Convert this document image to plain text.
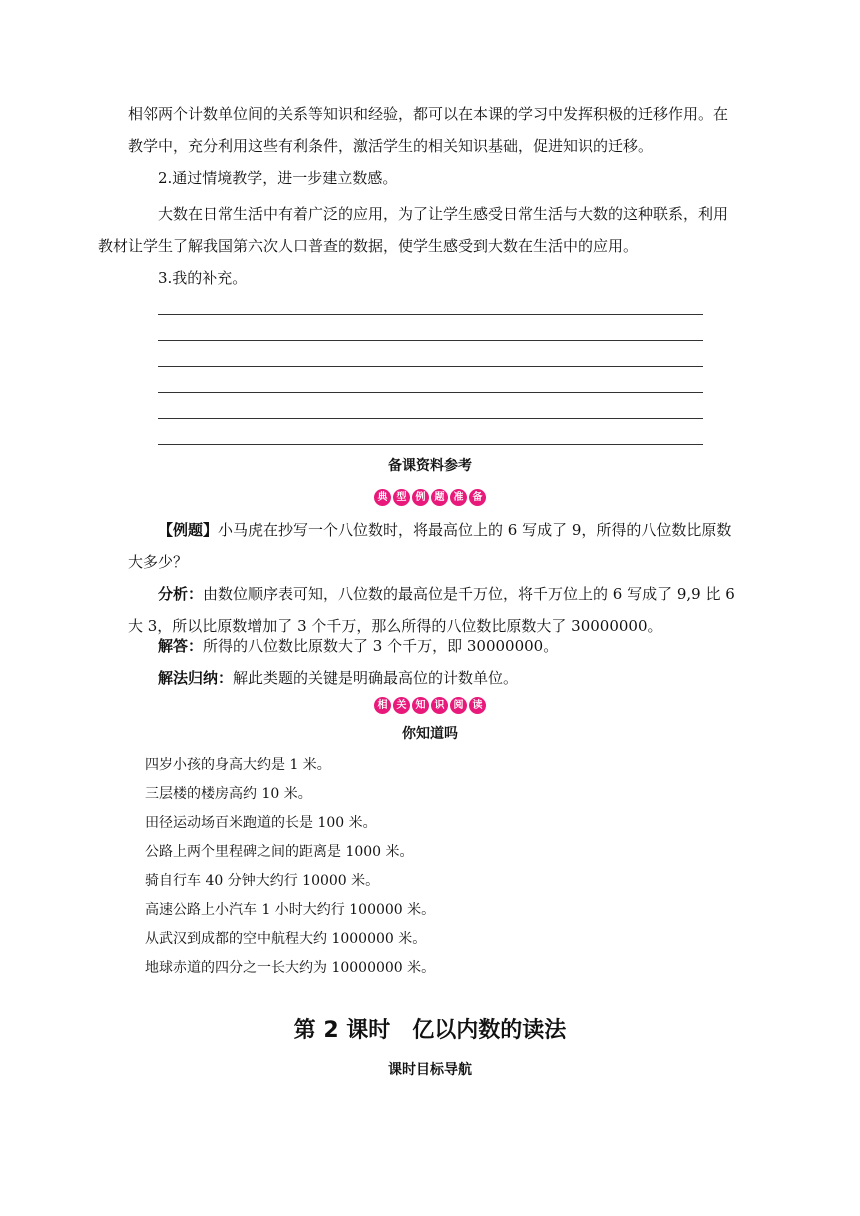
相邻两个计数单位间的关系等知识和经验，都可以在本课的学习中发挥积极的迁移作用。在
教学中，充分利用这些有利条件，激活学生的相关知识基础，促进知识的迁移。

2.通过情境教学，进一步建立数感。

大数在日常生活中有着广泛的应用，为了让学生感受日常生活与大数的这种联系，利用
教材让学生了解我国第六次人口普查的数据，使学生感受到大数在生活中的应用。

3.我的补充。

备课资料参考

典 型 例 题 准 备

【例题】小马虎在抄写一个八位数时，将最高位上的 6 写成了 9，所得的八位数比原数
大多少？

分析：由数位顺序表可知，八位数的最高位是千万位，将千万位上的 6 写成了 9,9 比 6
大 3，所以比原数增加了 3 个千万，那么所得的八位数比原数大了 30000000。

解答：所得的八位数比原数大了 3 个千万，即 30000000。

解法归纳：解此类题的关键是明确最高位的计数单位。

相 关 知 识 阅 读

你知道吗

四岁小孩的身高大约是 1 米。

三层楼的楼房高约 10 米。

田径运动场百米跑道的长是 100 米。

公路上两个里程碑之间的距离是 1000 米。

骑自行车 40 分钟大约行 10000 米。

高速公路上小汽车 1 小时大约行 100000 米。

从武汉到成都的空中航程大约 1000000 米。

地球赤道的四分之一长大约为 10000000 米。

第 2 课时　亿以内数的读法

课时目标导航
